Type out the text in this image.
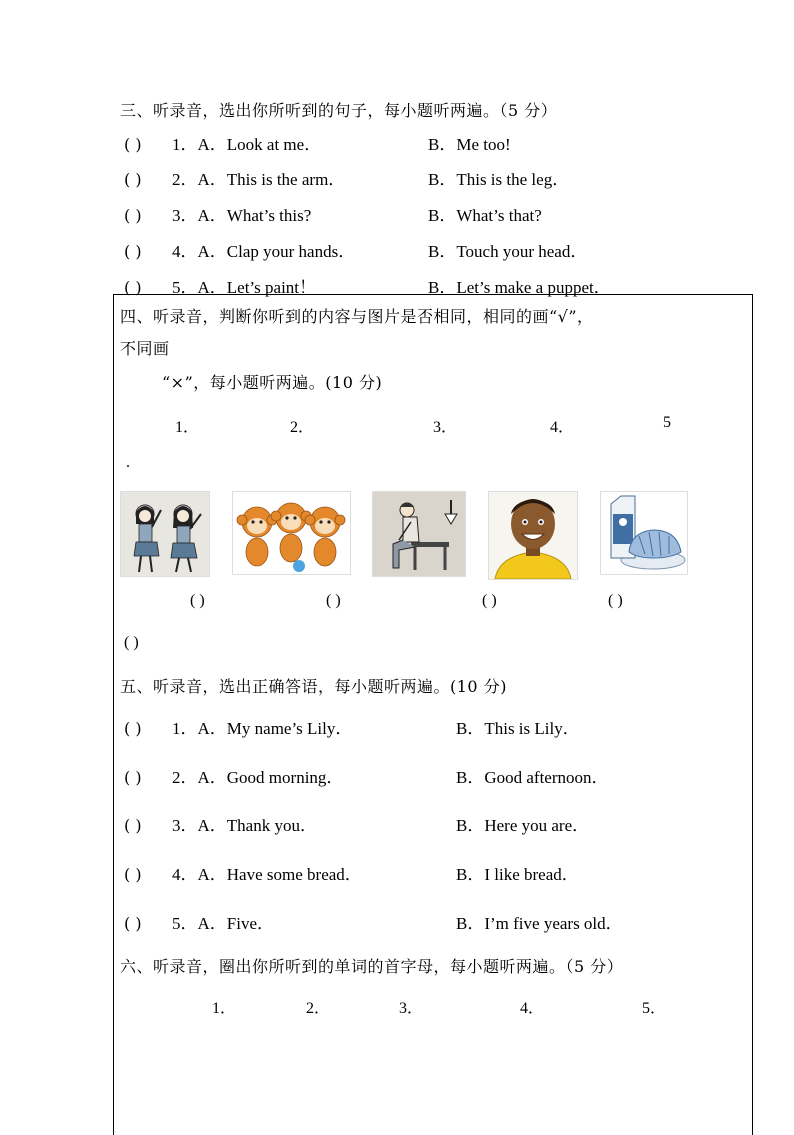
三、听录音，选出你所听到的句子，每小题听两遍。（5 分）
( ) 1．A．Look at me．	B．Me too!
( ) 2．A．This is the arm．	B．This is the leg．
( ) 3．A．What’s this?	B．What’s that?
( ) 4．A．Clap your hands．	B．Touch your head．
( ) 5．A．Let’s paint！	B．Let’s make a puppet．
四、听录音，判断你听到的内容与图片是否相同，相同的画“√”，
不同画
“×”，每小题听两遍。(10 分)
1．	2．	3．	4．	5
.
( )	( )	( )	( )
( )
五、听录音，选出正确答语，每小题听两遍。(10 分)
( ) 1．A．My name’s Lily．	B．This is Lily．
( ) 2．A．Good morning．	B．Good afternoon．
( ) 3．A．Thank you．	B．Here you are．
( ) 4．A．Have some bread．	B．I like bread．
( ) 5．A．Five．	B．I’m five years old．
六、听录音，圈出你所听到的单词的首字母，每小题听两遍。（5 分）
1．	2．	3．	4．	5．
